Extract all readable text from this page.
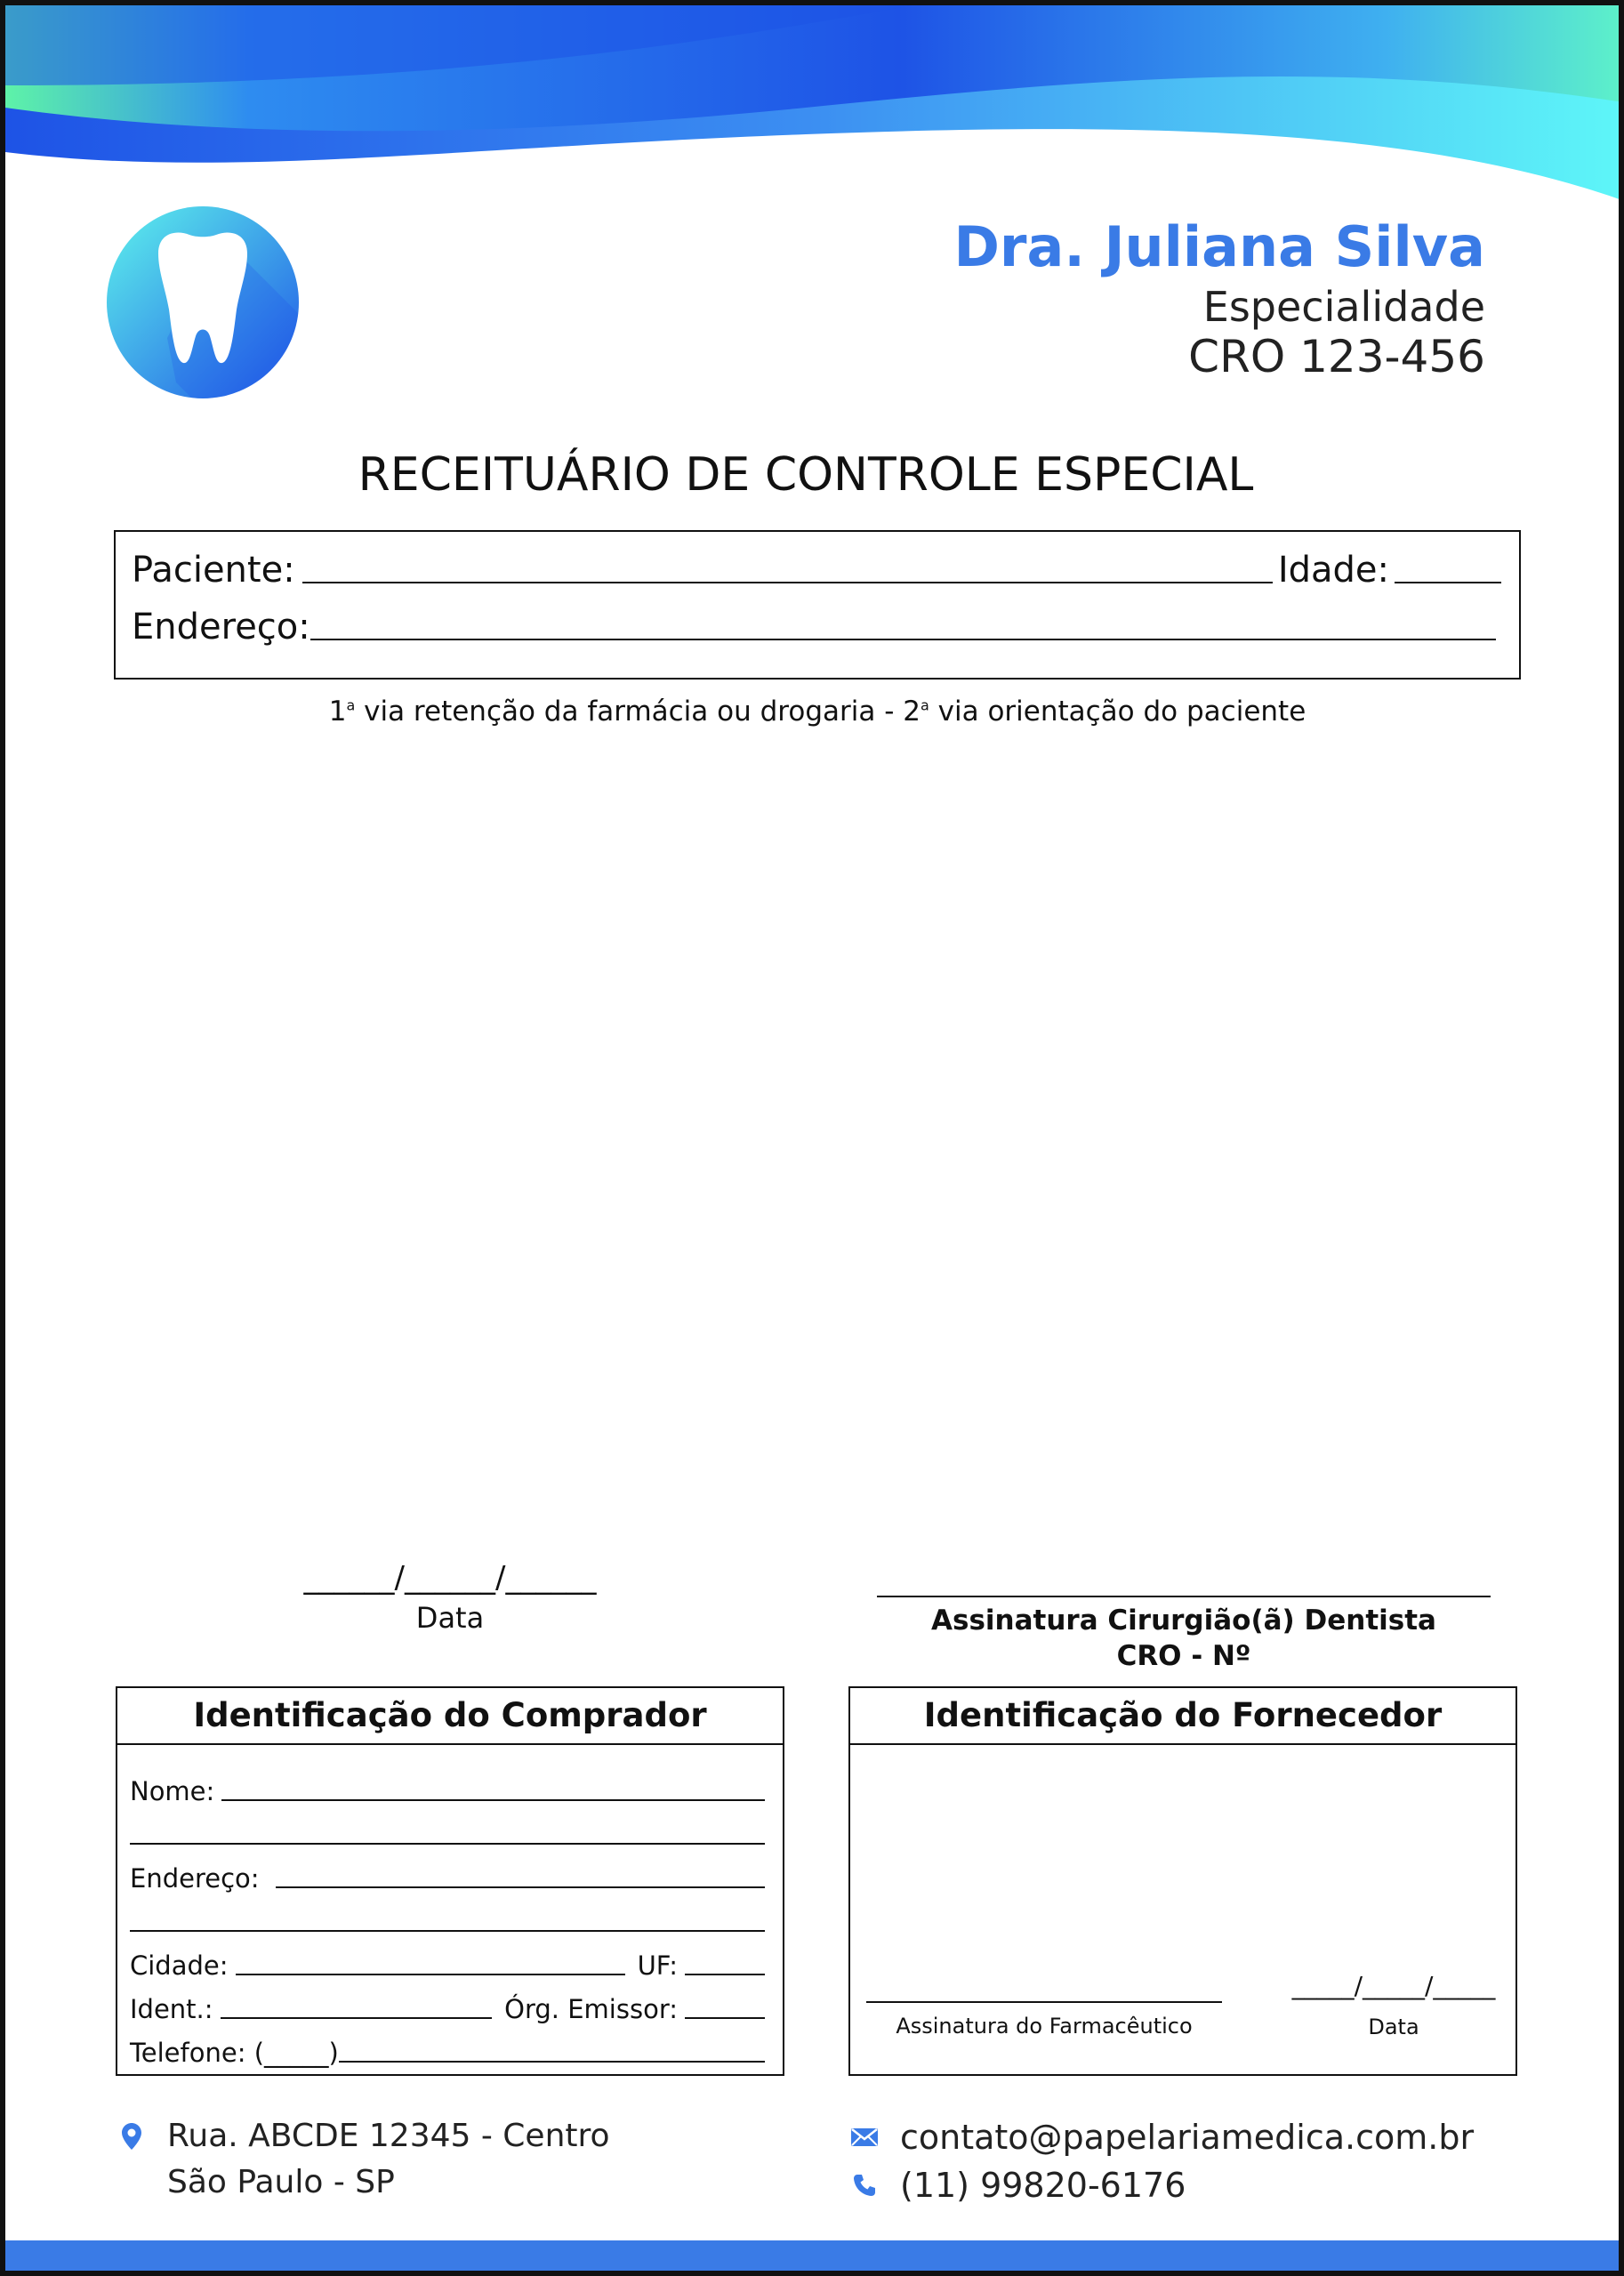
Dra. Juliana Silva
Especialidade
CRO 123-456
RECEITUÁRIO DE CONTROLE ESPECIAL
Paciente:	Idade:
Endereço:
1$^a$ via retenção da farmácia ou drogaria - 2$^a$ via orientação do paciente
______/______/______
Data	Assinatura Cirurgião(ã) Dentista
CRO - Nº
Identificação do Comprador
Nome:
Endereço:
Cidade:	UF:
Ident.:	Órg. Emissor:
Telefone: (_____)
Identificação do Fornecedor
Assinatura do Farmacêutico
_____/_____/_____
Data
Rua. ABCDE 12345 - Centro
São Paulo - SP
contato@papelariamedica.com.br
(11) 99820-6176
